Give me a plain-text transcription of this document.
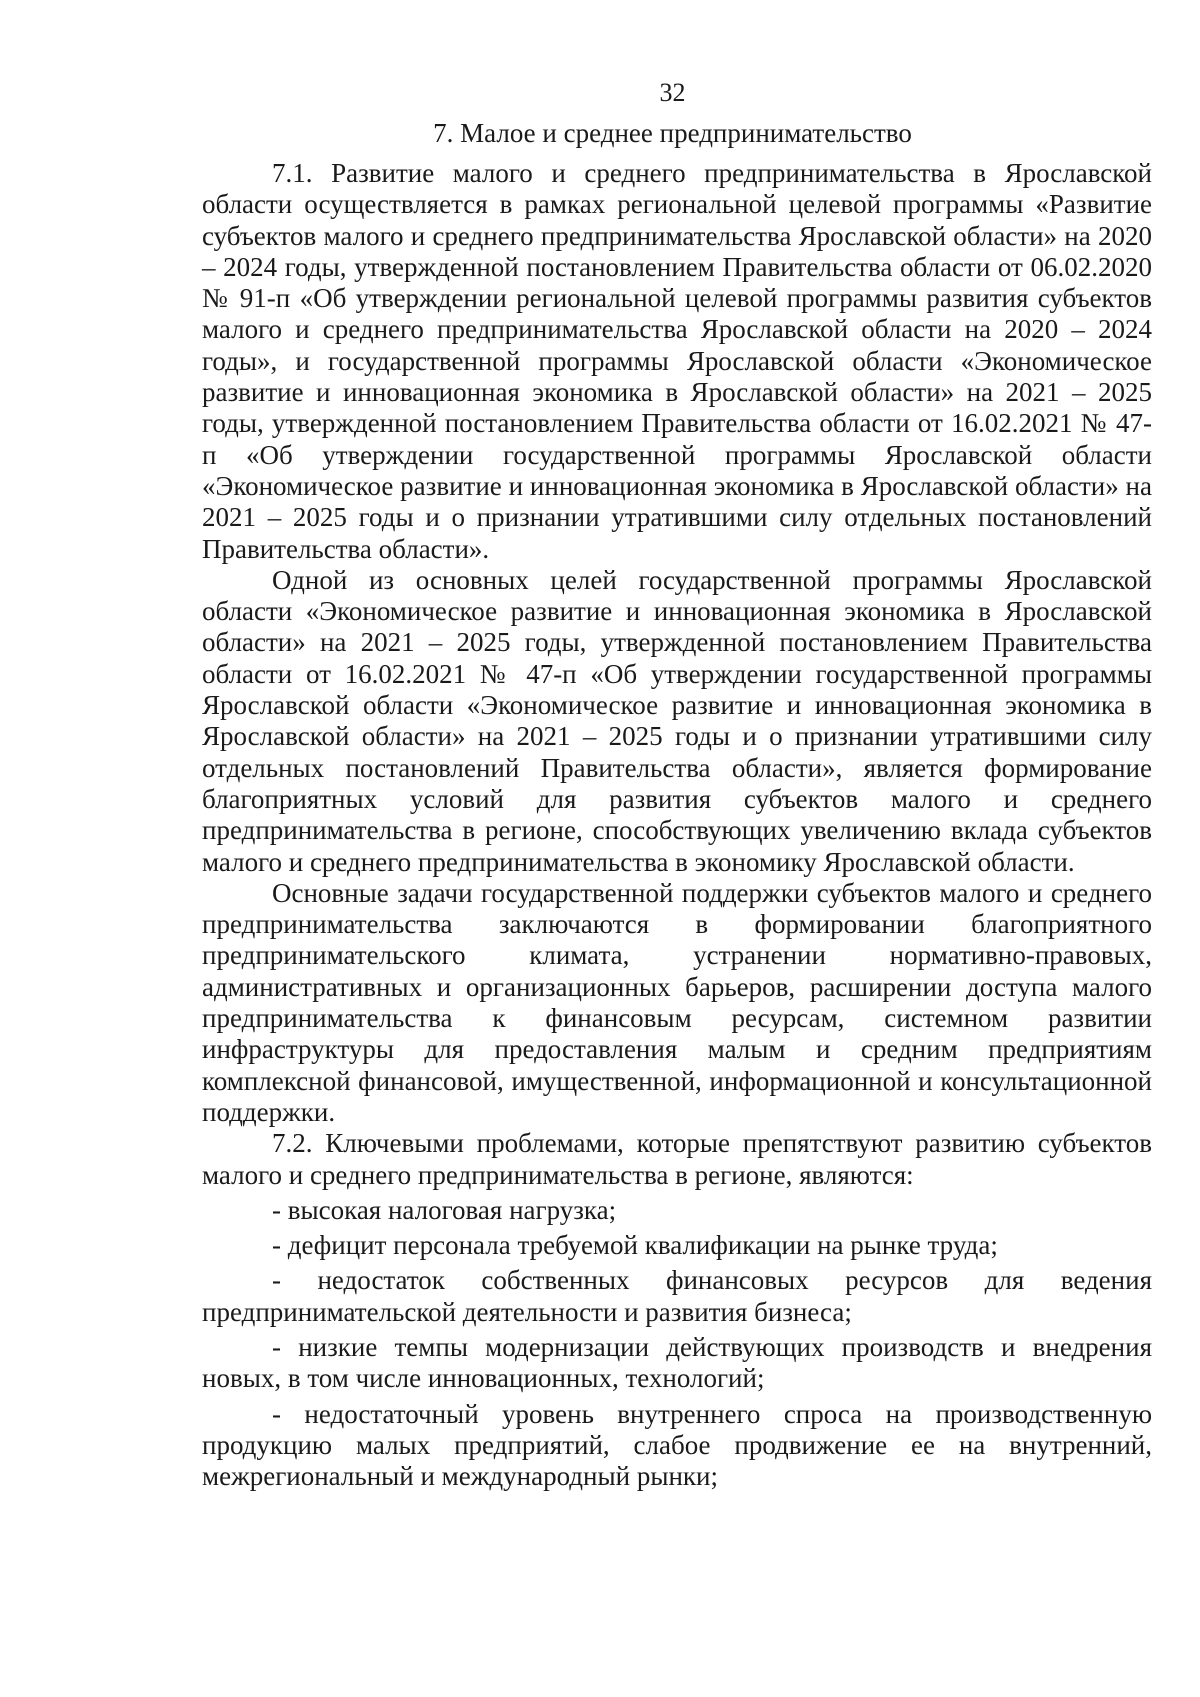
32
7. Малое и среднее предпринимательство

7.1. Развитие малого и среднего предпринимательства в Ярославской области осуществляется в рамках региональной целевой программы «Развитие субъектов малого и среднего предпринимательства Ярославской области» на 2020 – 2024 годы, утвержденной постановлением Правительства области от 06.02.2020 № 91-п «Об утверждении региональной целевой программы развития субъектов малого и среднего предпринимательства Ярославской области на 2020 – 2024 годы», и государственной программы Ярославской области «Экономическое развитие и инновационная экономика в Ярославской области» на 2021 – 2025 годы, утвержденной постановлением Правительства области от 16.02.2021 № 47-п «Об утверждении государственной программы Ярославской области «Экономическое развитие и инновационная экономика в Ярославской области» на 2021 – 2025 годы и о признании утратившими силу отдельных постановлений Правительства области».

Одной из основных целей государственной программы Ярославской области «Экономическое развитие и инновационная экономика в Ярославской области» на 2021 – 2025 годы, утвержденной постановлением Правительства области от 16.02.2021 № 47-п «Об утверждении государственной программы Ярославской области «Экономическое развитие и инновационная экономика в Ярославской области» на 2021 – 2025 годы и о признании утратившими силу отдельных постановлений Правительства области», является формирование благоприятных условий для развития субъектов малого и среднего предпринимательства в регионе, способствующих увеличению вклада субъектов малого и среднего предпринимательства в экономику Ярославской области.

Основные задачи государственной поддержки субъектов малого и среднего предпринимательства заключаются в формировании благоприятного предпринимательского климата, устранении нормативно-правовых, административных и организационных барьеров, расширении доступа малого предпринимательства к финансовым ресурсам, системном развитии инфраструктуры для предоставления малым и средним предприятиям комплексной финансовой, имущественной, информационной и консультационной поддержки.

7.2. Ключевыми проблемами, которые препятствуют развитию субъектов малого и среднего предпринимательства в регионе, являются:

- высокая налоговая нагрузка;

- дефицит персонала требуемой квалификации на рынке труда;

- недостаток собственных финансовых ресурсов для ведения предпринимательской деятельности и развития бизнеса;

- низкие темпы модернизации действующих производств и внедрения новых, в том числе инновационных, технологий;

- недостаточный уровень внутреннего спроса на производственную продукцию малых предприятий, слабое продвижение ее на внутренний, межрегиональный и международный рынки;
